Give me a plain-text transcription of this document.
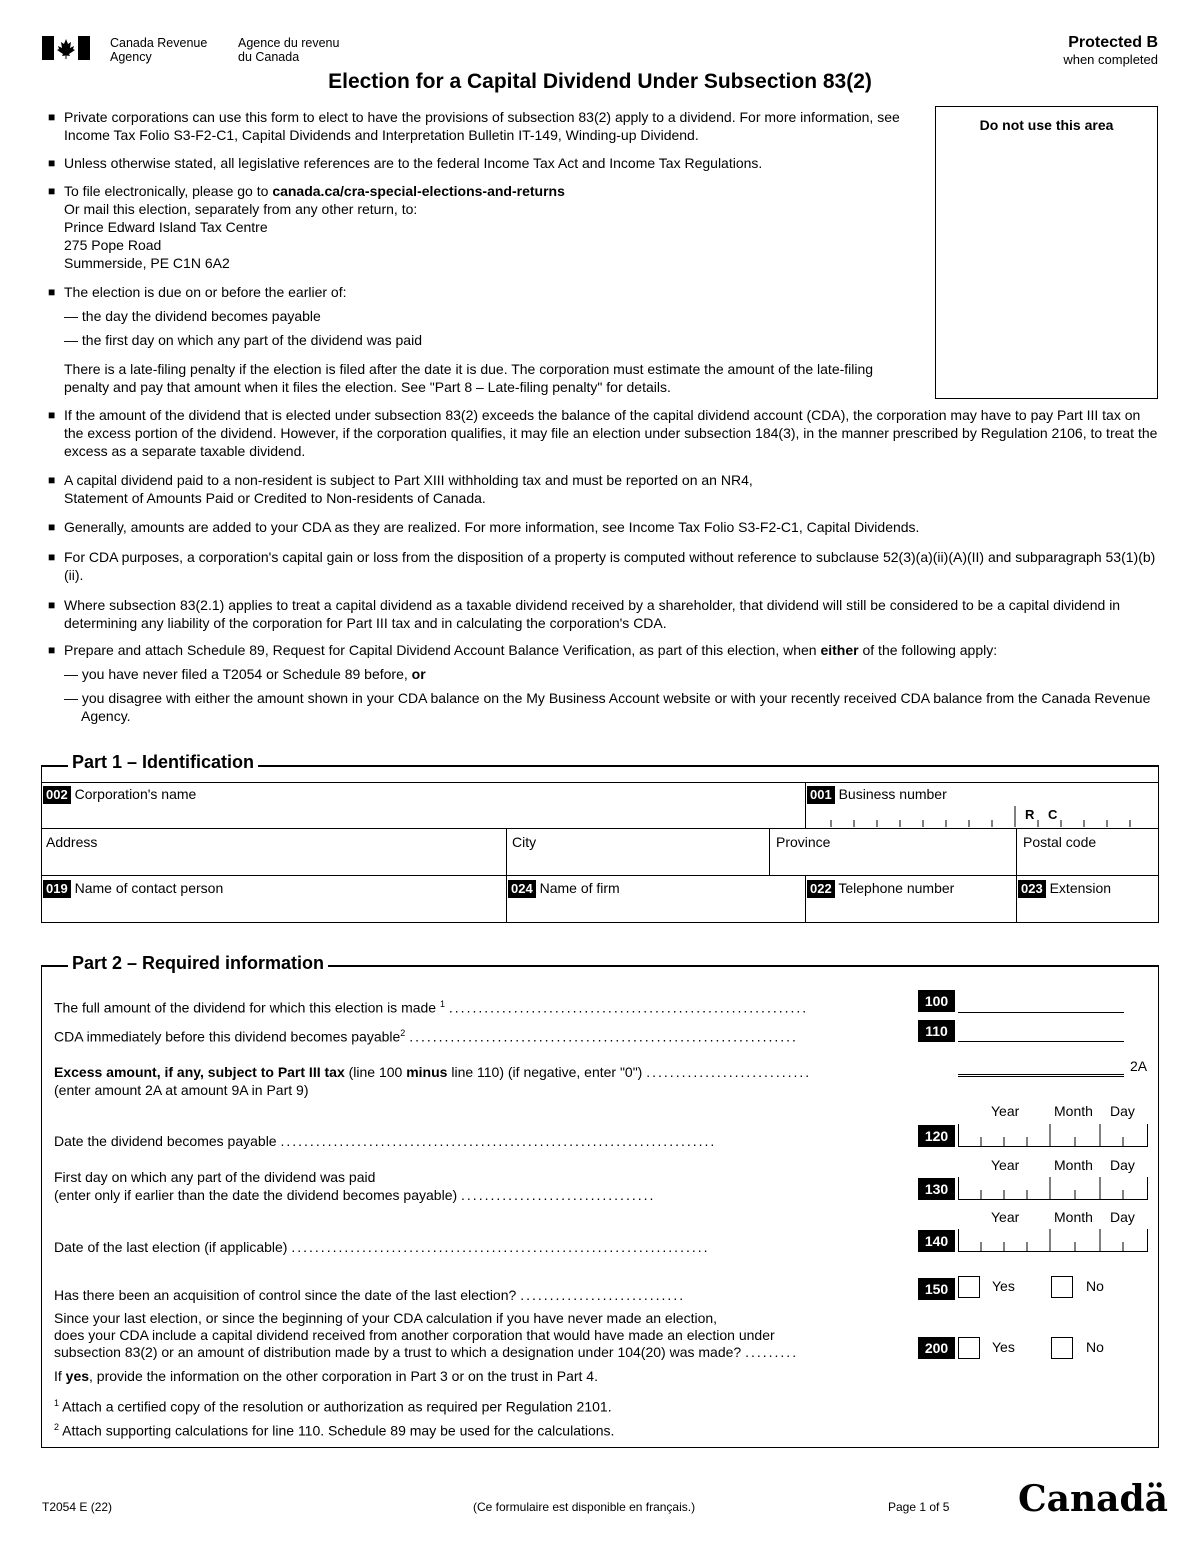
Canada Revenue
Agency
Agence du revenu
du Canada
Protected B
when completed
Election for a Capital Dividend Under Subsection 83(2)
Do not use this area
■ Private corporations can use this form to elect to have the provisions of subsection 83(2) apply to a dividend. For more information, see Income Tax Folio S3-F2-C1, Capital Dividends and Interpretation Bulletin IT-149, Winding-up Dividend.
■ Unless otherwise stated, all legislative references are to the federal Income Tax Act and Income Tax Regulations.
■ To file electronically, please go to canada.ca/cra-special-elections-and-returns
Or mail this election, separately from any other return, to:
Prince Edward Island Tax Centre
275 Pope Road
Summerside, PE C1N 6A2
■ The election is due on or before the earlier of:
— the day the dividend becomes payable
— the first day on which any part of the dividend was paid
There is a late-filing penalty if the election is filed after the date it is due. The corporation must estimate the amount of the late-filing penalty and pay that amount when it files the election. See "Part 8 – Late-filing penalty" for details.
■ If the amount of the dividend that is elected under subsection 83(2) exceeds the balance of the capital dividend account (CDA), the corporation may have to pay Part III tax on the excess portion of the dividend. However, if the corporation qualifies, it may file an election under subsection 184(3), in the manner prescribed by Regulation 2106, to treat the excess as a separate taxable dividend.
■ A capital dividend paid to a non-resident is subject to Part XIII withholding tax and must be reported on an NR4,
Statement of Amounts Paid or Credited to Non-residents of Canada.
■ Generally, amounts are added to your CDA as they are realized. For more information, see Income Tax Folio S3-F2-C1, Capital Dividends.
■ For CDA purposes, a corporation's capital gain or loss from the disposition of a property is computed without reference to subclause 52(3)(a)(ii)(A)(II) and subparagraph 53(1)(b)(ii).
■ Where subsection 83(2.1) applies to treat a capital dividend as a taxable dividend received by a shareholder, that dividend will still be considered to be a capital dividend in determining any liability of the corporation for Part III tax and in calculating the corporation's CDA.
■ Prepare and attach Schedule 89, Request for Capital Dividend Account Balance Verification, as part of this election, when either of the following apply:
— you have never filed a T2054 or Schedule 89 before, or
— you disagree with either the amount shown in your CDA balance on the My Business Account website or with your recently received CDA balance from the Canada Revenue Agency.
Part 1 – Identification
002 Corporation's name	001 Business number
R C
Address	City	Province	Postal code
019 Name of contact person	024 Name of firm	022 Telephone number	023 Extension
Part 2 – Required information
The full amount of the dividend for which this election is made $^1$ .............................................................	100
CDA immediately before this dividend becomes payable$^2$ ..................................................................	110
Excess amount, if any, subject to Part III tax (line 100 minus line 110) (if negative, enter "0") ............................
(enter amount 2A at amount 9A in Part 9)
2A
Year Month Day
Date the dividend becomes payable ..........................................................................	120
Year Month Day
First day on which any part of the dividend was paid
(enter only if earlier than the date the dividend becomes payable) .................................	130
Year Month Day
Date of the last election (if applicable) .......................................................................	140
Has there been an acquisition of control since the date of the last election? ............................	150	Yes	No
Since your last election, or since the beginning of your CDA calculation if you have never made an election,
does your CDA include a capital dividend received from another corporation that would have made an election under
subsection 83(2) or an amount of distribution made by a trust to which a designation under 104(20) was made? .........	200	Yes	No
If yes, provide the information on the other corporation in Part 3 or on the trust in Part 4.
$^1$ Attach a certified copy of the resolution or authorization as required per Regulation 2101.
$^2$ Attach supporting calculations for line 110. Schedule 89 may be used for the calculations.
T2054 E (22)	(Ce formulaire est disponible en français.)	Page 1 of 5 Canadä
